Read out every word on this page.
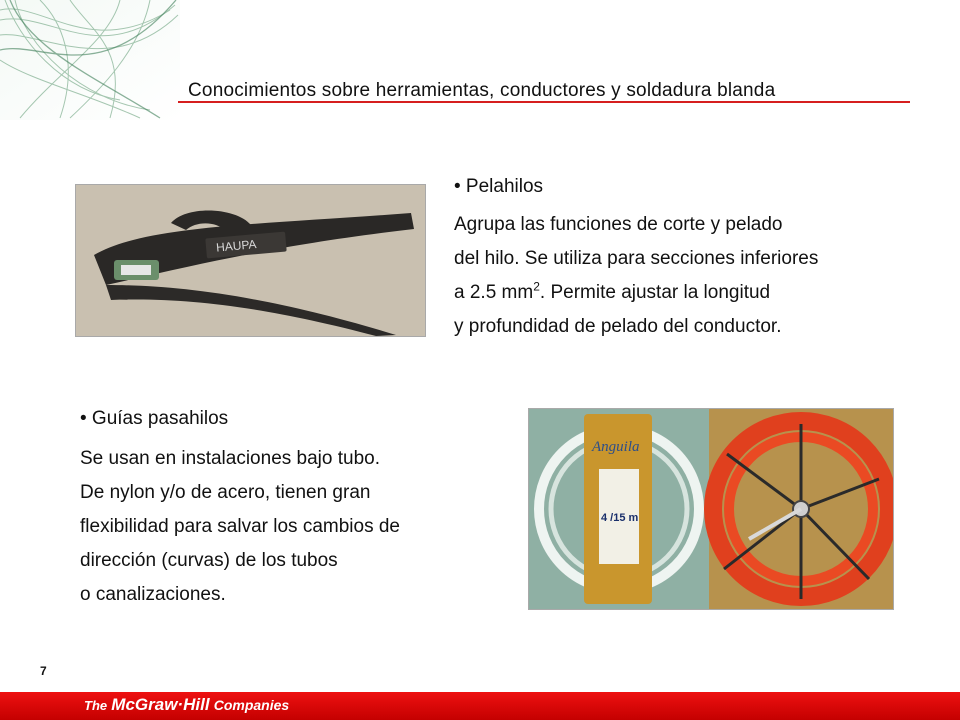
Conocimientos sobre herramientas, conductores y soldadura blanda
HAUPA
• Pelahilos
Agrupa las funciones de corte y pelado
del hilo. Se utiliza para secciones inferiores
a 2.5 $mm^2$. Permite ajustar la longitud
y profundidad de pelado del conductor.
• Guías pasahilos
Se usan en instalaciones bajo tubo.
De nylon y/o de acero, tienen gran
flexibilidad para salvar los cambios de
dirección (curvas) de los tubos
o canalizaciones.
Anguila
4 /15 m
7
The McGraw·Hill Companies
